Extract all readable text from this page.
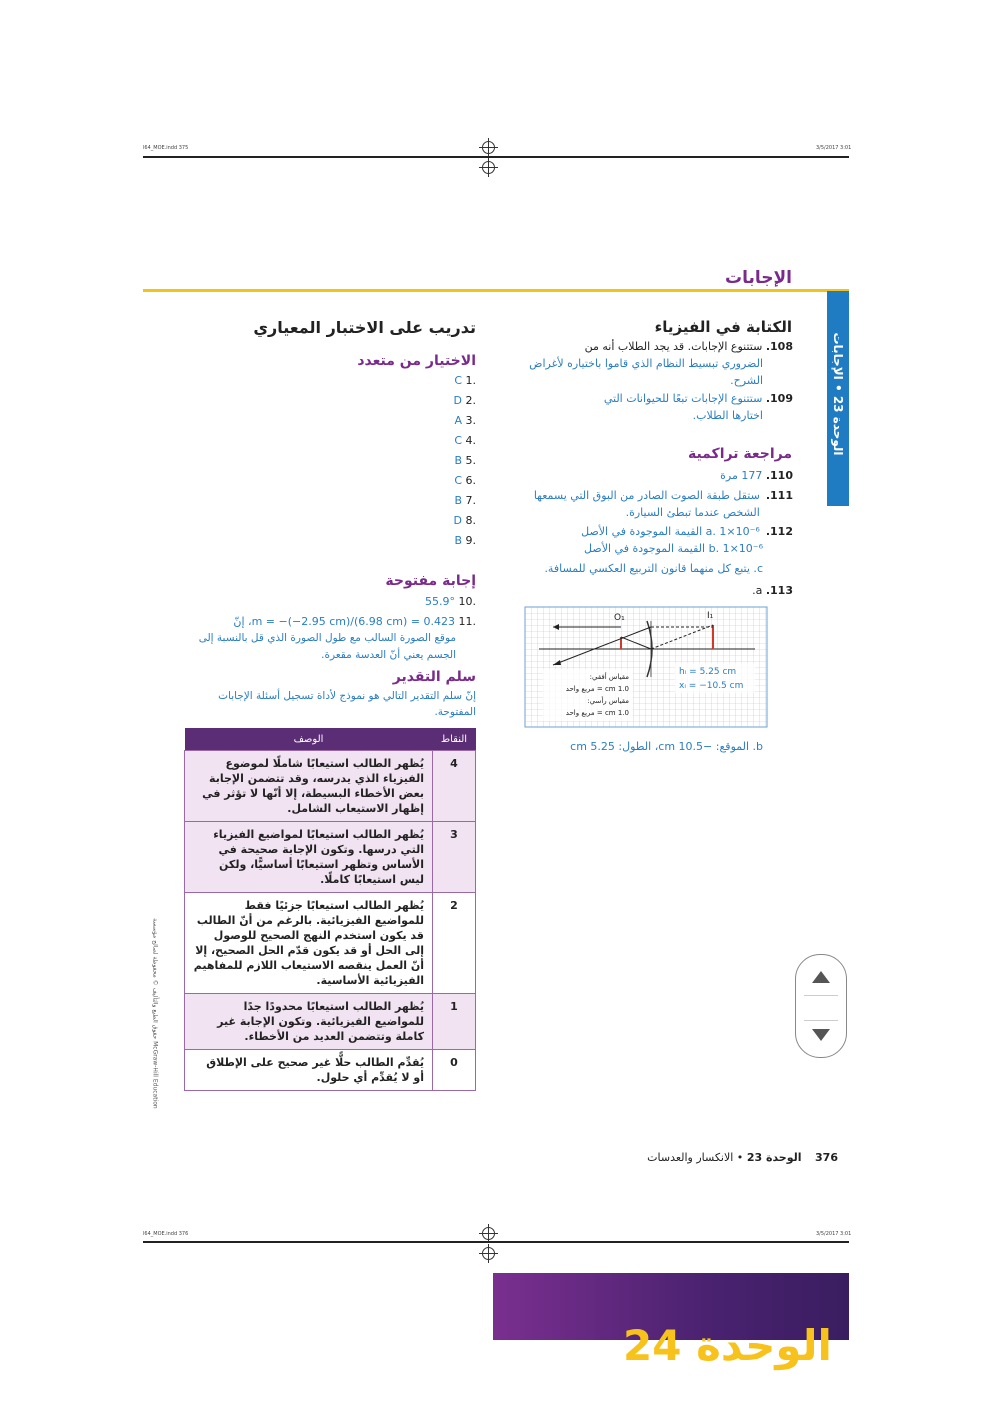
l64_MOE.indd 375	3/5/2017 3:01
الإجابات
الوحدة 23 • الإجابات
الكتابة في الفيزياء
108. ستتنوع الإجابات. قد يجد الطلاب أنه من
الضروري تبسيط النظام الذي قاموا باختياره لأغراض الشرح.
109. ستتنوع الإجابات تبعًا للحيوانات التي
اختارها الطلاب.
مراجعة تراكمية
110. 177 مرة
111.
ستقل طبقة الصوت الصادر من البوق التي يسمعها الشخص عندما تبطئ السيارة.
112.
a. 1×10⁻⁶ القيمة الموجودة في الأصل
b. 1×10⁻⁶ القيمة الموجودة في الأصل
c. يتبع كل منهما قانون التربيع العكسي للمسافة.
113. a.
O₁	I₁
hᵢ = 5.25 cm
xᵢ = −10.5 cm
مقياس أفقي:
1.0 cm = مربع واحد
مقياس رأسي:
1.0 cm = مربع واحد
b. الموقع: −10.5 cm، الطول: 5.25 cm
تدريب على الاختبار المعياري
الاختيار من متعدد
.1 C
.2 D
.3 A
.4 C
.5 B
.6 C
.7 B
.8 D
.9 B
إجابة مفتوحة
.10 55.9°
.11 m = −(−2.95 cm)/(6.98 cm) = 0.423، إنّ
موقع الصورة السالب مع طول الصورة الذي قل بالنسبة إلى الجسم يعني أنّ العدسة مقعرة.
سلم التقدير
إنّ سلم التقدير التالي هو نموذج لأداة تسجيل أسئلة الإجابات المفتوحة.
النقاط	الوصف
4	يُظهر الطالب استيعابًا شاملًا لموضوع الفيزياء الذي يدرسه، وقد تتضمن الإجابة بعض الأخطاء البسيطة، إلا أنّها لا تؤثر في إظهار الاستيعاب الشامل.
3	يُظهر الطالب استيعابًا لمواضيع الفيزياء التي درسها. وتكون الإجابة صحيحة في الأساس وتظهر استيعابًا أساسيًّا، ولكن ليس استيعابًا كاملًا.
2	يُظهر الطالب استيعابًا جزئيًا فقط للمواضيع الفيزيائية. بالرغم من أنّ الطالب قد يكون استخدم النهج الصحيح للوصول إلى الحل أو قد يكون قدّم الحل الصحيح، إلا أنّ العمل ينقصه الاستيعاب اللازم للمفاهيم الفيزيائية الأساسية.
1	يُظهر الطالب استيعابًا محدودًا جدًا للمواضيع الفيزيائية. وتكون الإجابة غير كاملة وتتضمن العديد من الأخطاء.
0	يُقدِّم الطالب حلًّا غير صحيح على الإطلاق أو لا يُقدِّم أي حلول.
McGraw-Hill Education حقوق الطبع والتأليف © محفوظة لصالح مؤسسة
376 الوحدة 23 • الانكسار والعدسات
l64_MOE.indd 376	3/5/2017 3:01
الوحدة 24
